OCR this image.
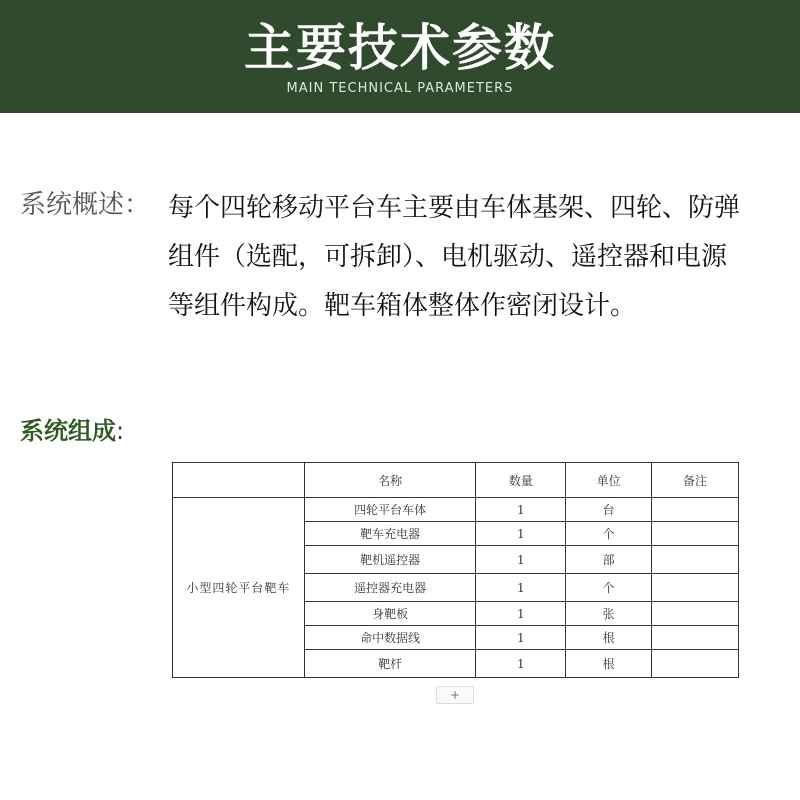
主要技术参数
MAIN TECHNICAL PARAMETERS
系统概述： 每个四轮移动平台车主要由车体基架、四轮、防弹组件（选配，可拆卸）、电机驱动、遥控器和电源等组件构成。靶车箱体整体作密闭设计。
系统组成:
	名称	数量	单位	备注
小型四轮平台靶车	四轮平台车体	1	台	
	靶车充电器	1	个	
	靶机遥控器	1	部	
	遥控器充电器	1	个	
	身靶板	1	张	
	命中数据线	1	根	
	靶杆	1	根	
+
